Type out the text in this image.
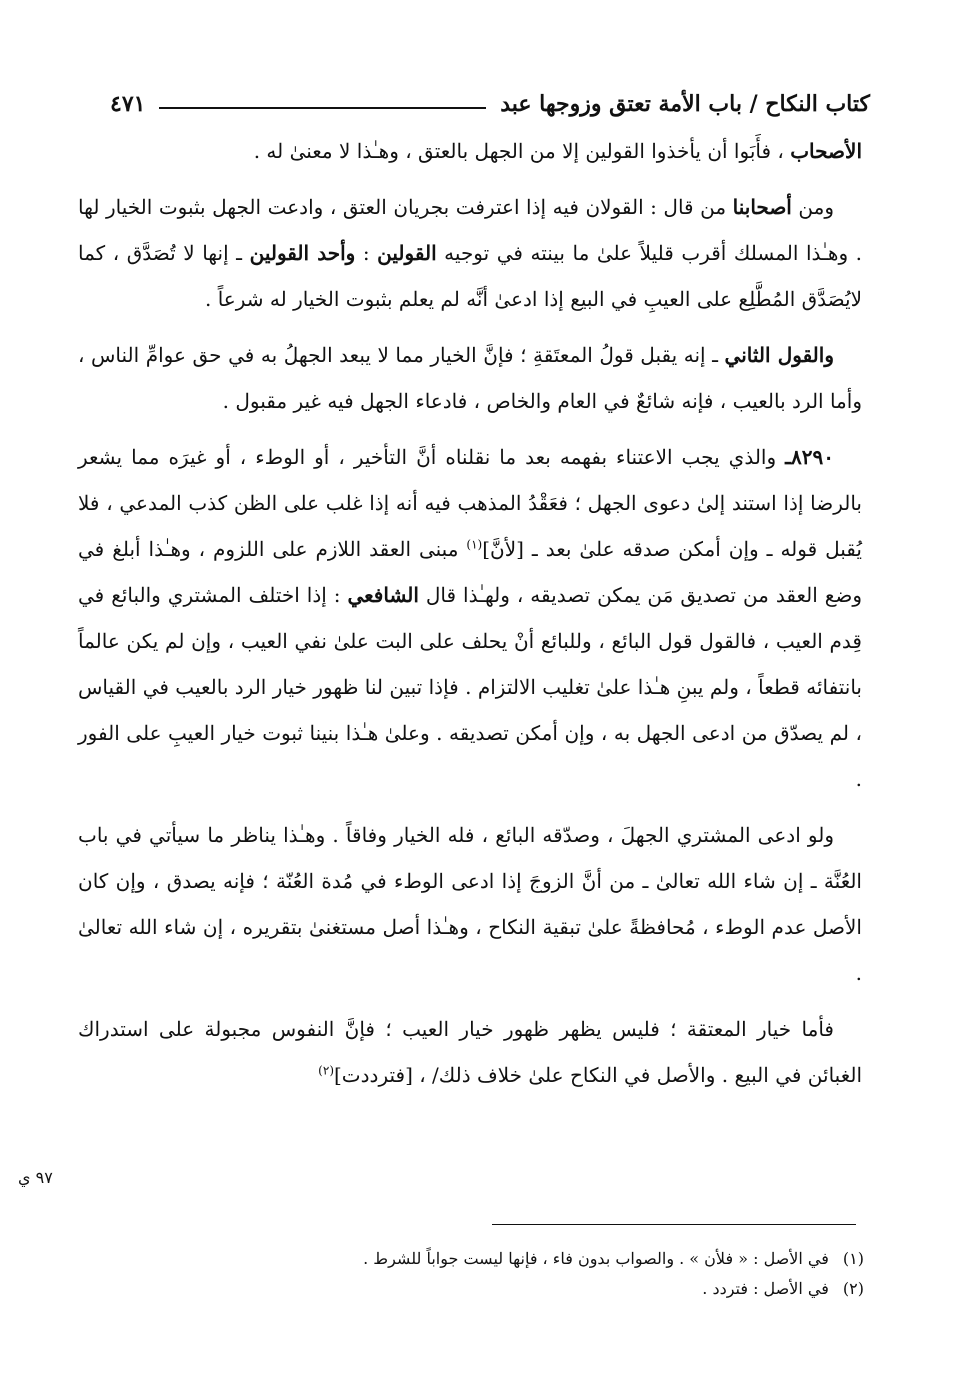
كتاب النكاح / باب الأمة تعتق وزوجها عبد
٤٧١

الأصحاب ، فأَبَوا أن يأخذوا القولين إلا من الجهل بالعتق ، وهـٰذا لا معنىٰ له .

ومن أصحابنا من قال : القولان فيه إذا اعترفت بجريان العتق ، وادعت الجهل بثبوت الخيار لها . وهـٰذا المسلك أقرب قليلاً علىٰ ما بينته في توجيه القولين : وأحد القولين ـ إنها لا تُصَدَّق ، كما لايُصَدَّق المُطَّلِع على العيبِ في البيع إذا ادعىٰ أنَّه لم يعلم بثبوت الخيار له شرعاً .

والقول الثاني ـ إنه يقبل قولُ المعتَقةِ ؛ فإنَّ الخيار مما لا يبعد الجهلُ به في حق عوامِّ الناس ، وأما الرد بالعيب ، فإنه شائعٌ في العام والخاص ، فادعاء الجهل فيه غير مقبول .

٨٢٩٠ـ والذي يجب الاعتناء بفهمه بعد ما نقلناه أنَّ التأخير ، أو الوطء ، أو غيرَه مما يشعر بالرضا إذا استند إلىٰ دعوى الجهل ؛ فعَقْدُ المذهب فيه أنه إذا غلب على الظن كذب المدعي ، فلا يُقبل قوله ـ وإن أمكن صدقه علىٰ بعد ـ [لأنَّ]$^{(١)}$ مبنى العقد اللازم على اللزوم ، وهـٰذا أبلغ في وضع العقد من تصديق مَن يمكن تصديقه ، ولهـٰذا قال الشافعي : إذا اختلف المشتري والبائع في قِدم العيب ، فالقول قول البائع ، وللبائع أنْ يحلف على البت علىٰ نفي العيب ، وإن لم يكن عالماً بانتفائه قطعاً ، ولم يبنِ هـٰذا علىٰ تغليب الالتزام . فإذا تبين لنا ظهور خيار الرد بالعيب في القياس ، لم يصدّق من ادعى الجهل به ، وإن أمكن تصديقه . وعلىٰ هـٰذا بنينا ثبوت خيار العيبِ على الفور .

ولو ادعى المشتري الجهلَ ، وصدّقه البائع ، فله الخيار وفاقاً . وهـٰذا يناظر ما سيأتي في باب العُنَّة ـ إن شاء الله تعالىٰ ـ من أنَّ الزوجَ إذا ادعى الوطء في مُدة العُنّة ؛ فإنه يصدق ، وإن كان الأصل عدم الوطء ، مُحافظةً علىٰ تبقية النكاح ، وهـٰذا أصل مستغنىٰ بتقريره ، إن شاء الله تعالىٰ .

فأما خيار المعتقة ؛ فليس يظهر ظهور خيار العيب ؛ فإنَّ النفوس مجبولة على استدراك الغبائن في البيع . والأصل في النكاح علىٰ خلاف ذلك/ ، [فترددت]$^{(٢)}$

٩٧ ي
(١)
في الأصل : « فلأن » . والصواب بدون فاء ، فإنها ليست جواباً للشرط .
(٢)
في الأصل : فتردد .
